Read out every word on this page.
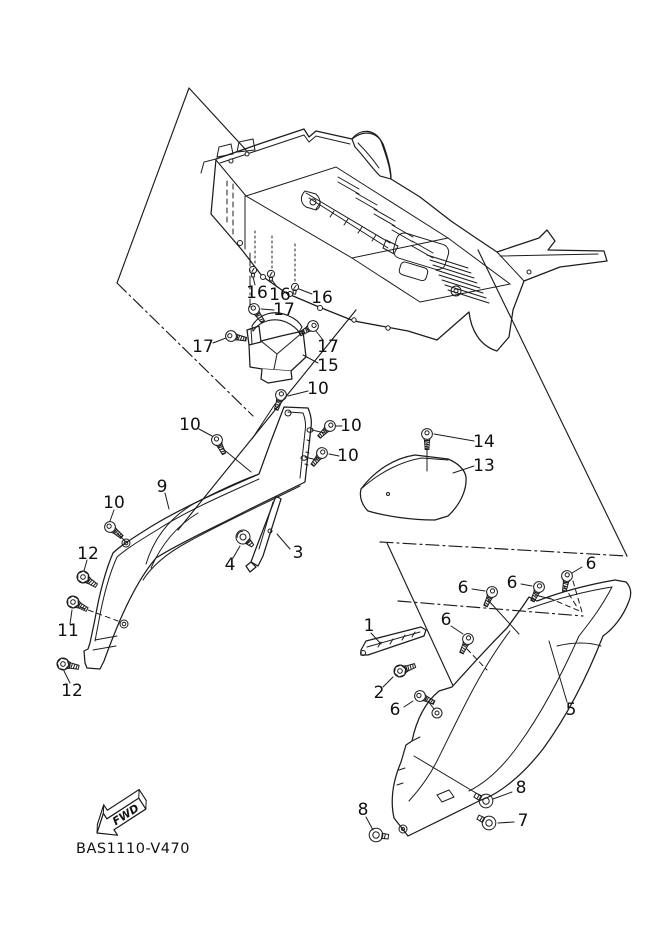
16 16 16
17
17	17
15
10
10
10
10
10
9
12
11
12
4
3
14
13
6
6
6
6
6
1
2
5
8
8
7
FWD
BAS1110-V470
